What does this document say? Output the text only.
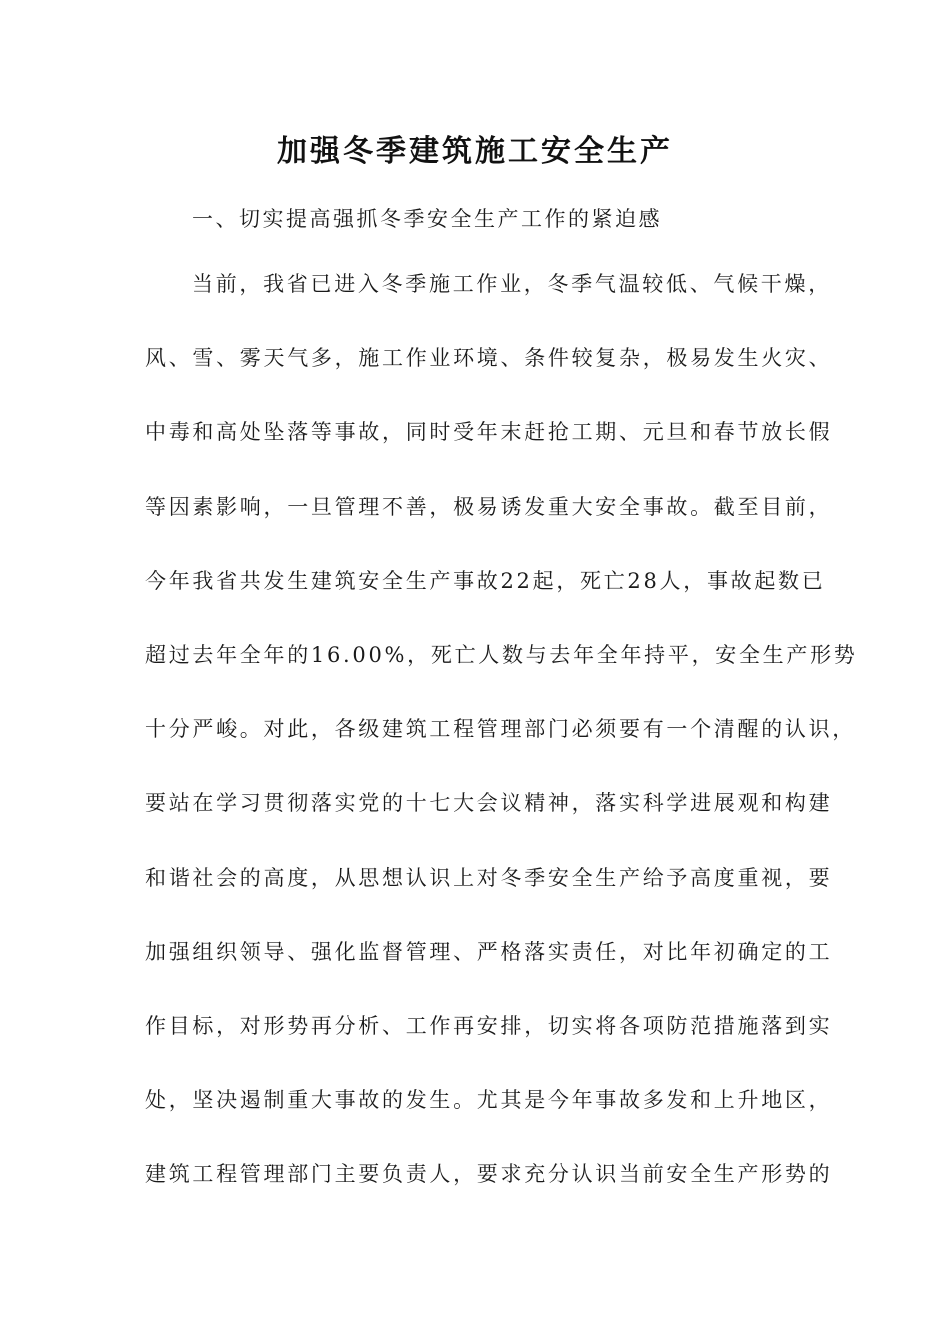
加强冬季建筑施工安全生产

一、切实提高强抓冬季安全生产工作的紧迫感

当前，我省已进入冬季施工作业，冬季气温较低、气候干燥，
风、雪、雾天气多，施工作业环境、条件较复杂，极易发生火灾、
中毒和高处坠落等事故，同时受年末赶抢工期、元旦和春节放长假
等因素影响，一旦管理不善，极易诱发重大安全事故。截至目前，
今年我省共发生建筑安全生产事故22起，死亡28人，事故起数已
超过去年全年的16.00%，死亡人数与去年全年持平，安全生产形势
十分严峻。对此，各级建筑工程管理部门必须要有一个清醒的认识，
要站在学习贯彻落实党的十七大会议精神，落实科学进展观和构建
和谐社会的高度，从思想认识上对冬季安全生产给予高度重视，要
加强组织领导、强化监督管理、严格落实责任，对比年初确定的工
作目标，对形势再分析、工作再安排，切实将各项防范措施落到实
处，坚决遏制重大事故的发生。尤其是今年事故多发和上升地区，
建筑工程管理部门主要负责人，要求充分认识当前安全生产形势的
